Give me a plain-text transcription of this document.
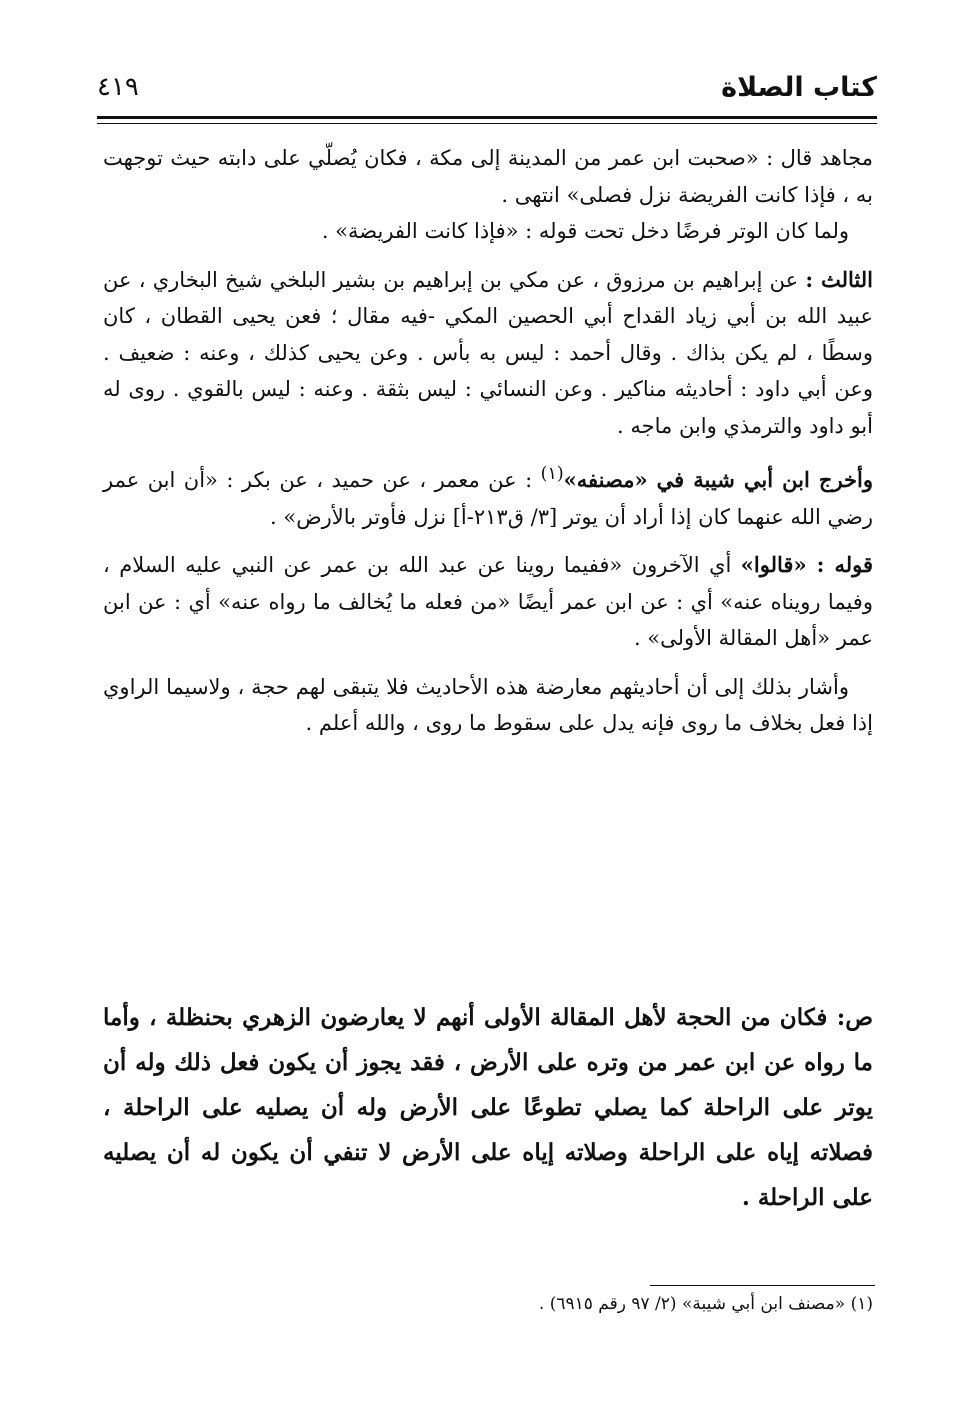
كتاب الصلاة
٤١٩

مجاهد قال : «صحبت ابن عمر من المدينة إلى مكة ، فكان يُصلّي على دابته حيث توجهت به ، فإذا كانت الفريضة نزل فصلى» انتهى .

ولما كان الوتر فرضًا دخل تحت قوله : «فإذا كانت الفريضة» .

الثالث : عن إبراهيم بن مرزوق ، عن مكي بن إبراهيم بن بشير البلخي شيخ البخاري ، عن عبيد الله بن أبي زياد القداح أبي الحصين المكي -فيه مقال ؛ فعن يحيى القطان ، كان وسطًا ، لم يكن بذاك . وقال أحمد : ليس به بأس . وعن يحيى كذلك ، وعنه : ضعيف . وعن أبي داود : أحاديثه مناكير . وعن النسائي : ليس بثقة . وعنه : ليس بالقوي . روى له أبو داود والترمذي وابن ماجه .

وأخرج ابن أبي شيبة في «مصنفه»$^{(١)}$ : عن معمر ، عن حميد ، عن بكر : «أن ابن عمر رضي الله عنهما كان إذا أراد أن يوتر [٣/ ق٢١٣-أ] نزل فأوتر بالأرض» .

قوله : «قالوا» أي الآخرون «ففيما روينا عن عبد الله بن عمر عن النبي عليه السلام ، وفيما رويناه عنه» أي : عن ابن عمر أيضًا «من فعله ما يُخالف ما رواه عنه» أي : عن ابن عمر «أهل المقالة الأولى» .

وأشار بذلك إلى أن أحاديثهم معارضة هذه الأحاديث فلا يتبقى لهم حجة ، ولاسيما الراوي إذا فعل بخلاف ما روى فإنه يدل على سقوط ما روى ، والله أعلم .

ص: فكان من الحجة لأهل المقالة الأولى أنهم لا يعارضون الزهري بحنظلة ، وأما ما رواه عن ابن عمر من وتره على الأرض ، فقد يجوز أن يكون فعل ذلك وله أن يوتر على الراحلة كما يصلي تطوعًا على الأرض وله أن يصليه على الراحلة ، فصلاته إياه على الراحلة وصلاته إياه على الأرض لا تنفي أن يكون له أن يصليه على الراحلة .
(١) «مصنف ابن أبي شيبة» (٢/ ٩٧ رقم ٦٩١٥) .
